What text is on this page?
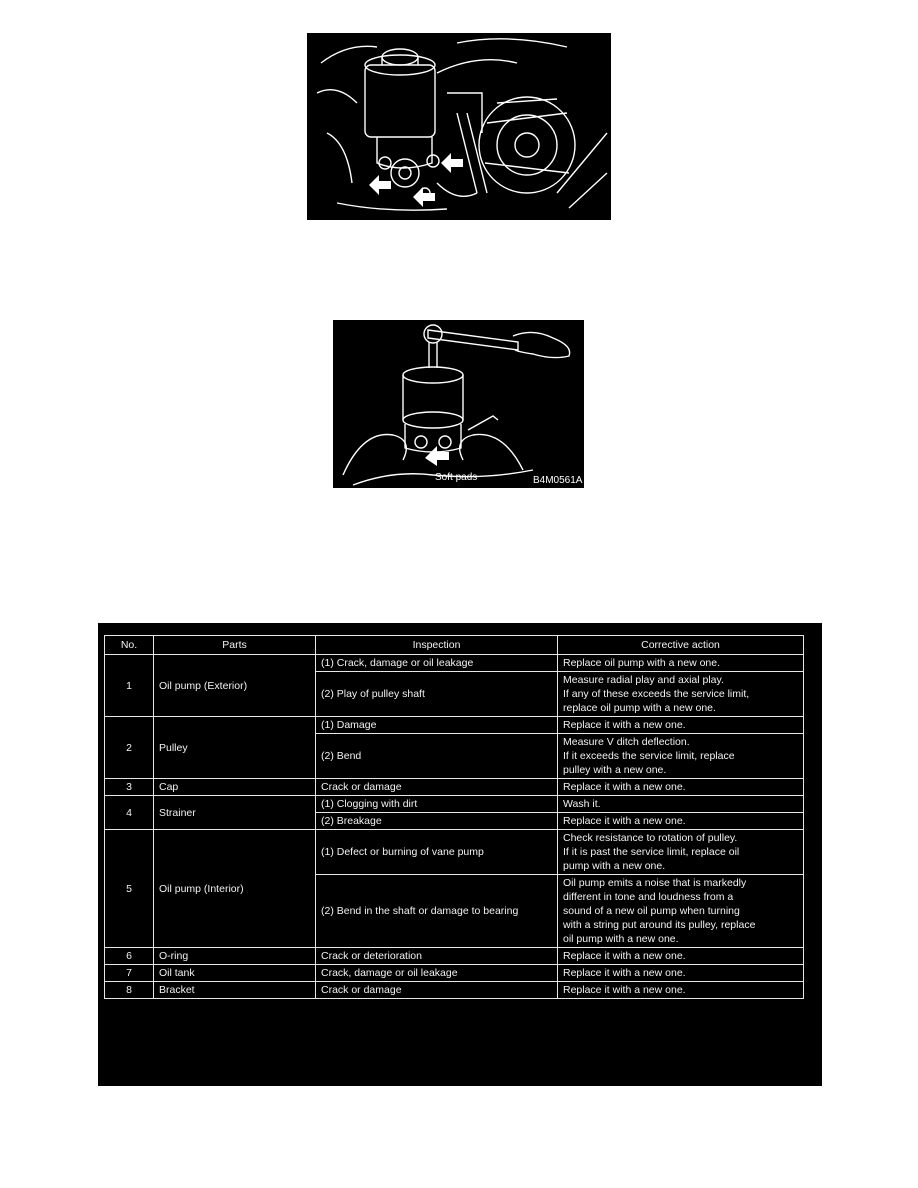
Soft pads	B4M0561A
No.	Parts	Inspection	Corrective action
1	Oil pump (Exterior)	(1) Crack, damage or oil leakage	Replace oil pump with a new one.

		(2) Play of pulley shaft	Measure radial play and axial play.
If any of these exceeds the service limit,
replace oil pump with a new one.

2	Pulley	(1) Damage	Replace it with a new one.

		(2) Bend	Measure V ditch deflection.
If it exceeds the service limit, replace
pulley with a new one.

3	Cap	Crack or damage	Replace it with a new one.

4	Strainer	(1) Clogging with dirt	Wash it.

		(2) Breakage	Replace it with a new one.

5	Oil pump (Interior)	(1) Defect or burning of vane pump	Check resistance to rotation of pulley.
If it is past the service limit, replace oil
pump with a new one.

		(2) Bend in the shaft or damage to bearing	Oil pump emits a noise that is markedly
different in tone and loudness from a
sound of a new oil pump when turning
with a string put around its pulley, replace
oil pump with a new one.

6	O-ring	Crack or deterioration	Replace it with a new one.

7	Oil tank	Crack, damage or oil leakage	Replace it with a new one.

8	Bracket	Crack or damage	Replace it with a new one.
